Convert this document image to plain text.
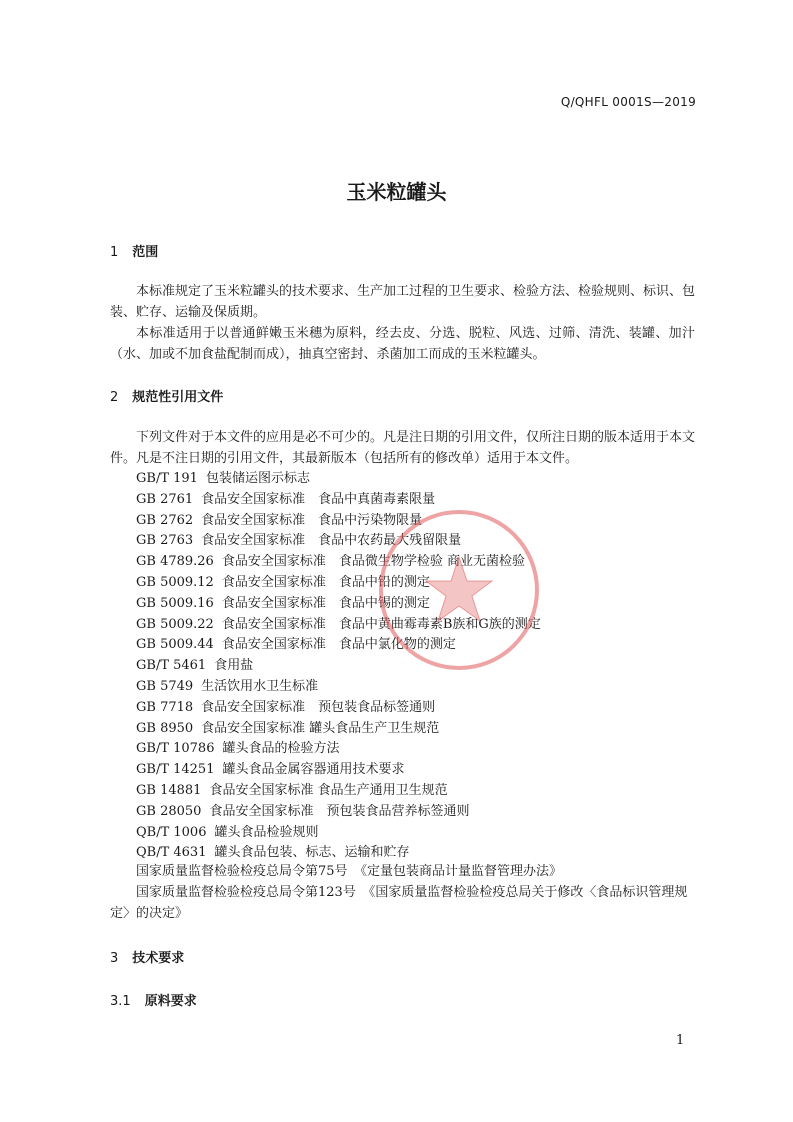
Q/QHFL 0001S—2019
玉米粒罐头
1 范围
本标准规定了玉米粒罐头的技术要求、生产加工过程的卫生要求、检验方法、检验规则、标识、包装、贮存、运输及保质期。
本标准适用于以普通鲜嫩玉米穗为原料，经去皮、分选、脱粒、风选、过筛、清洗、装罐、加汁（水、加或不加食盐配制而成），抽真空密封、杀菌加工而成的玉米粒罐头。
2 规范性引用文件
下列文件对于本文件的应用是必不可少的。凡是注日期的引用文件，仅所注日期的版本适用于本文件。凡是不注日期的引用文件，其最新版本（包括所有的修改单）适用于本文件。
GB/T 191 包装储运图示标志
GB 2761 食品安全国家标准　食品中真菌毒素限量
GB 2762 食品安全国家标准　食品中污染物限量
GB 2763 食品安全国家标准　食品中农药最大残留限量
GB 4789.26 食品安全国家标准　食品微生物学检验 商业无菌检验
GB 5009.12 食品安全国家标准　食品中铅的测定
GB 5009.16 食品安全国家标准　食品中锡的测定
GB 5009.22 食品安全国家标准　食品中黄曲霉毒素B族和G族的测定
GB 5009.44 食品安全国家标准　食品中氯化物的测定
GB/T 5461 食用盐
GB 5749 生活饮用水卫生标准
GB 7718 食品安全国家标准　预包装食品标签通则
GB 8950 食品安全国家标准 罐头食品生产卫生规范
GB/T 10786 罐头食品的检验方法
GB/T 14251 罐头食品金属容器通用技术要求
GB 14881 食品安全国家标准 食品生产通用卫生规范
GB 28050 食品安全国家标准　预包装食品营养标签通则
QB/T 1006 罐头食品检验规则
QB/T 4631 罐头食品包装、标志、运输和贮存
国家质量监督检验检疫总局令第75号　《定量包装商品计量监督管理办法》
国家质量监督检验检疫总局令第123号　《国家质量监督检验检疫总局关于修改〈食品标识管理规定〉的决定》
3 技术要求
3.1 原料要求
1
